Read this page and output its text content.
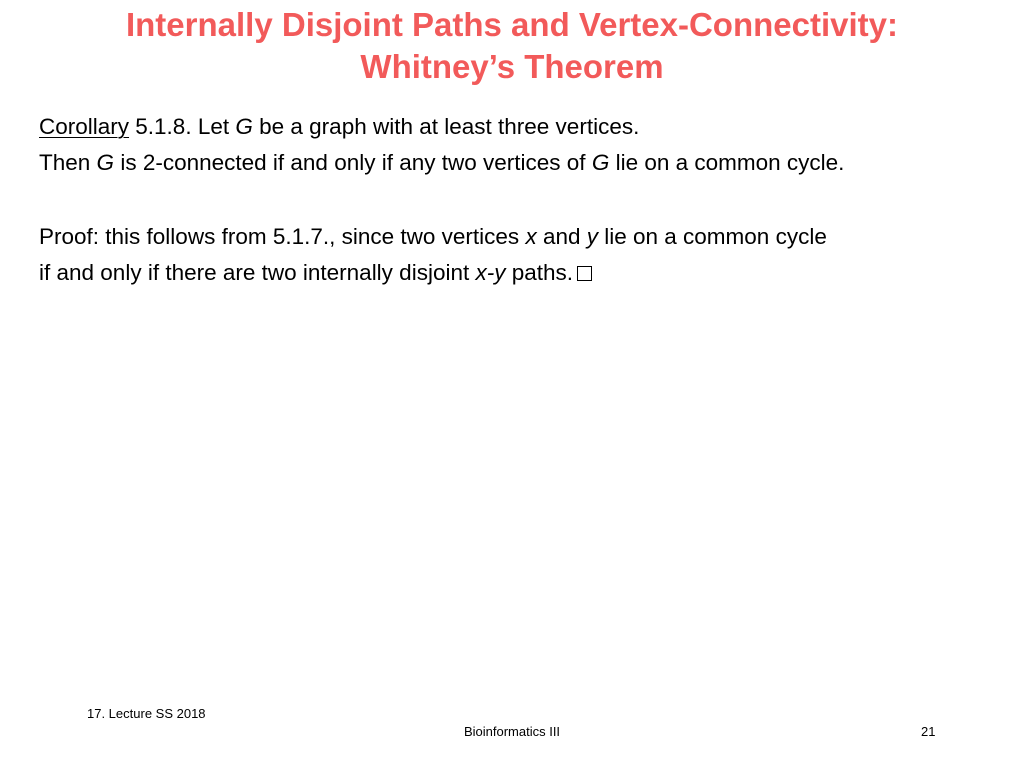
Internally Disjoint Paths and Vertex-Connectivity:
Whitney’s Theorem
Corollary 5.1.8. Let G be a graph with at least three vertices.
Then G is 2-connected if and only if any two vertices of G lie on a common cycle.
Proof: this follows from 5.1.7., since two vertices x and y lie on a common cycle
if and only if there are two internally disjoint x-y paths.
17. Lecture SS 2018
Bioinformatics III	21
